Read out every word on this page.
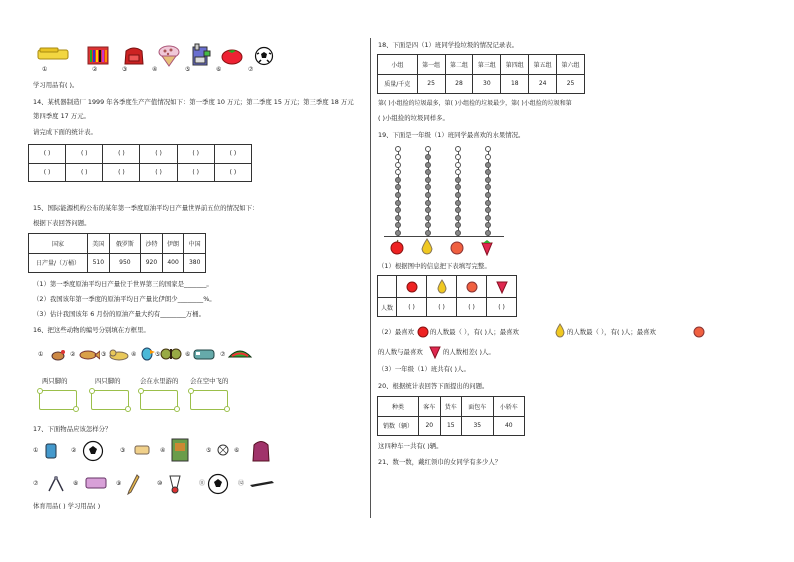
①	②	③	④	⑤	⑥	⑦
学习用品有( )。
14、某机器制造厂 1999 年各季度生产产值情况如下：第一季度 10 万元；第二季度 15 万元；第三季度 18 万元
第四季度 17 万元。
请完成下面的统计表。
( )	( )	( )	( )	( )	( )
( )	( )	( )	( )	( )	( )
15、国际能源机构公布的某年第一季度原油平均日产量世界前五位的情况如下：
根据下表回答问题。
国家	美国	俄罗斯	沙特	伊朗	中国
日产量/（万桶）	510	950	920	400	380
（1）第一季度原油平均日产量位于世界第三的国家是_______。
（2）我国该年第一季度的原油平均日产量比伊朗少________%。
（3）估计我国该年 6 月份的原油产量大约有________万桶。
16、把这些动物的编号分别填在方框里。
①	②	③	④	⑤	⑥	⑦
两只脚的	四只脚的	会在水里游的 会在空中飞的
17、下面物品应该怎样分？
①	②	③	④	⑤	⑥
⑦	⑧	⑨	⑩	⑪	⑫
体育用品( ) 学习用品( )
18、下面是四（1）班同学捡垃圾的情况记录表。
小组	第一组	第二组	第三组	第四组	第五组	第六组
质量/千克	25	28	30	18	24	25
第( )小组捡的垃圾最多，第( )小组捡的垃圾最少，第( )小组捡的垃圾和第
( )小组捡的垃圾同样多。
19、下面是一年级（1）班同学最喜欢的水果情况。
（1）根据图中的信息把下表填写完整。

人数	( )	( )	( )	( )
（2）最喜欢 的人数最（ ），有( )人；最喜欢	的人数最（ ），有( )人；最喜欢
的人数与最喜欢	的人数相差( )人。
（3）一年级（1）班共有( )人。
20、根据统计表回答下面提出的问题。
种类	客车	货车	面包车	小轿车
销数（辆）	20	15	35	40
这四种车一共有( )辆。
21、数一数，戴红领巾的女同学有多少人？
